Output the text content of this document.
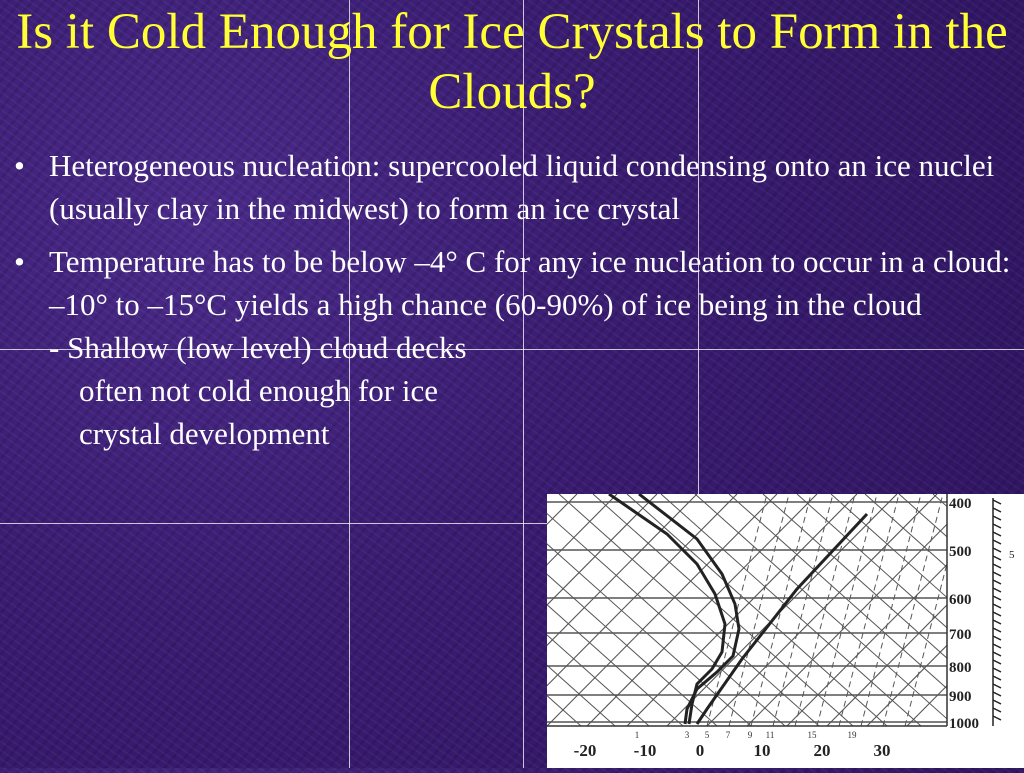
Is it Cold Enough for Ice Crystals to Form in the Clouds?
• Heterogeneous nucleation: supercooled liquid condensing onto an ice nuclei (usually clay in the midwest) to form an ice crystal
• Temperature has to be below –4° C for any ice nucleation to occur in a cloud:
–10° to –15°C yields a high chance (60-90%) of ice being in the cloud
- Shallow (low level) cloud decks
often not cold enough for ice
crystal development
400
500
600
700
800
900
1000
5
-20 -10 0	10	20	30
1	3 5 7 9 11	15	19
